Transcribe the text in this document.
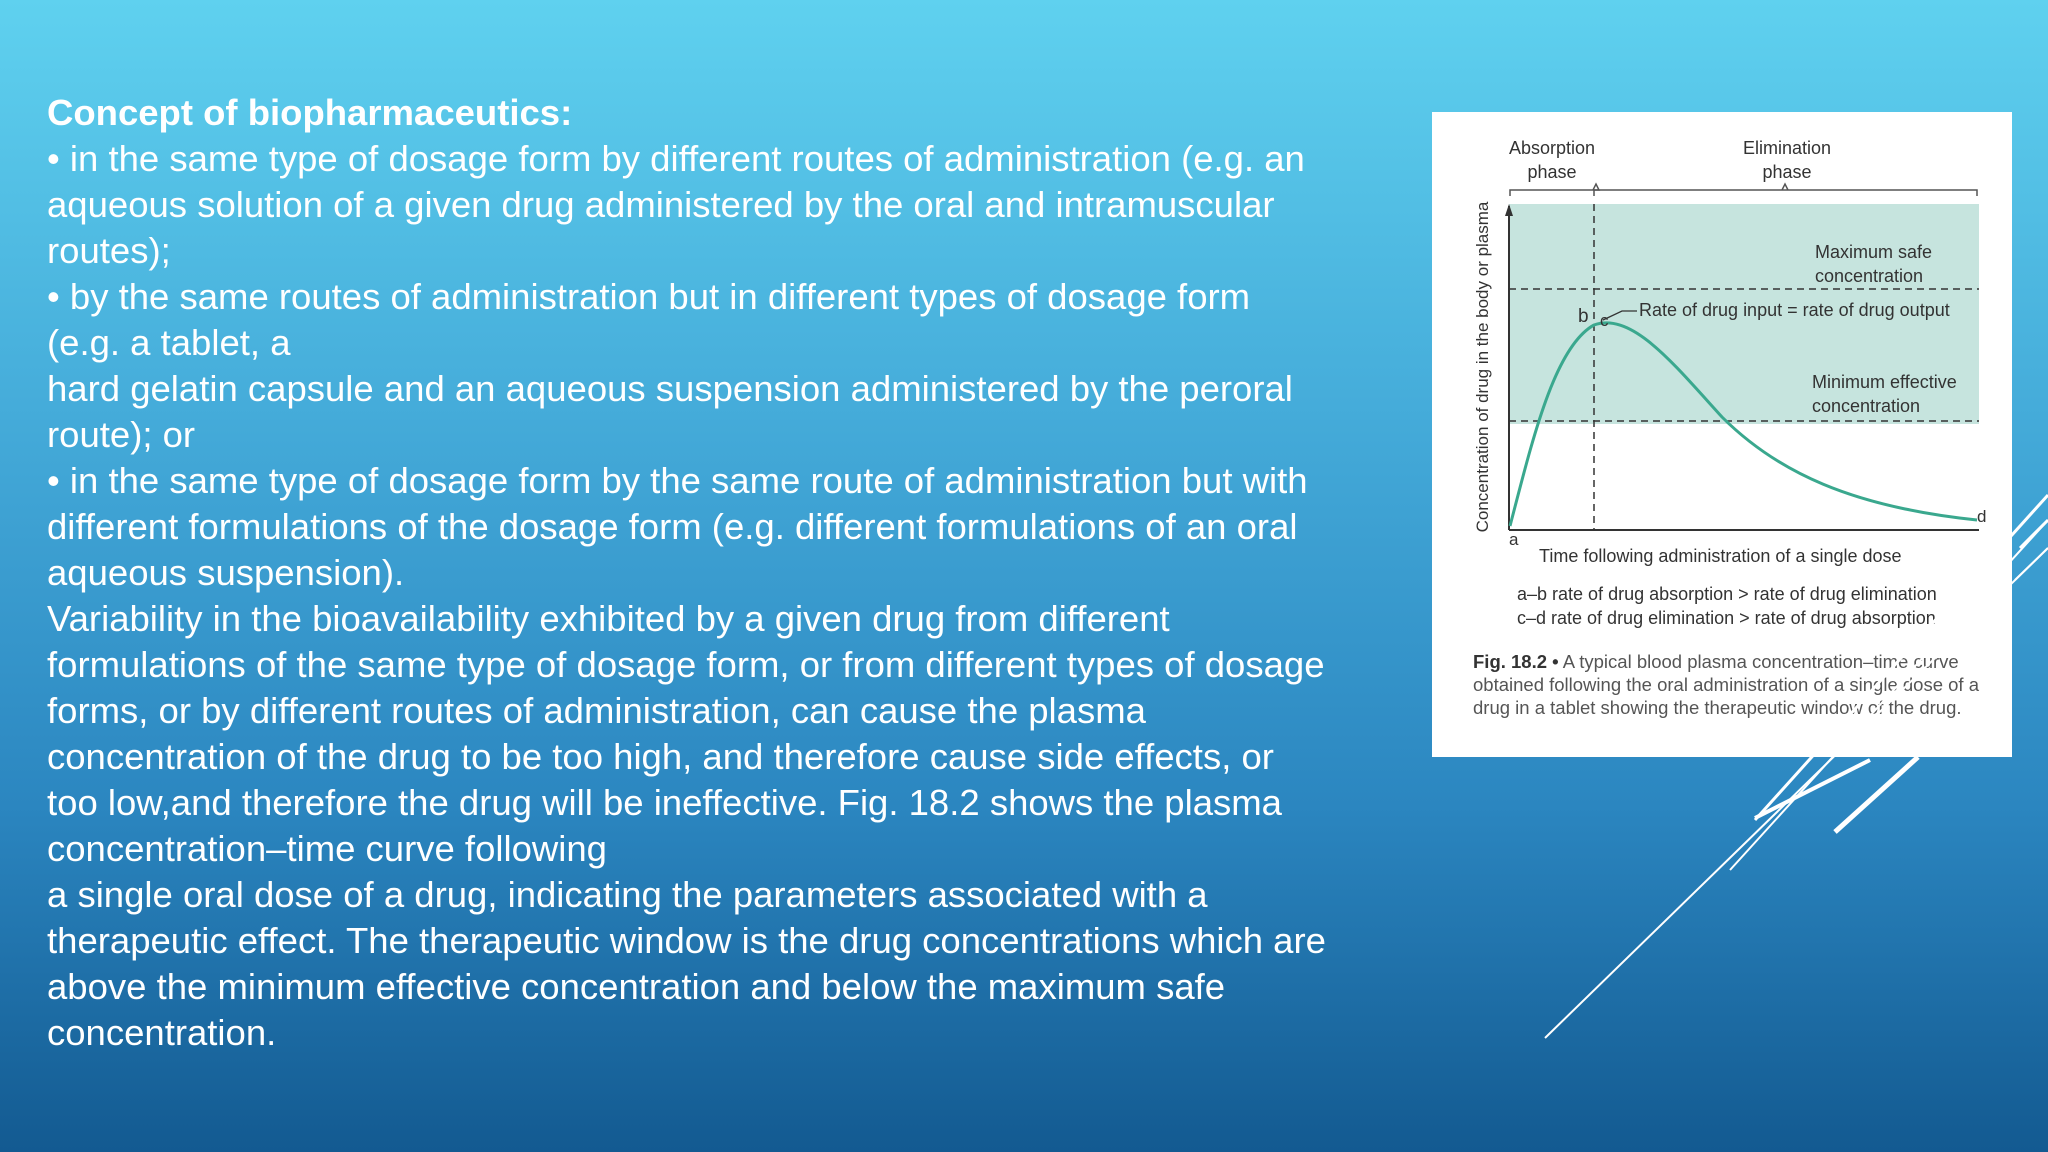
Concept of biopharmaceutics:

• in the same type of dosage form by different routes of administration (e.g. an

aqueous solution of a given drug administered by the oral and intramuscular

routes);

• by the same routes of administration but in different types of dosage form

(e.g. a tablet, a

hard gelatin capsule and an aqueous suspension administered by the peroral

route); or

• in the same type of dosage form by the same route of administration but with

different formulations of the dosage form (e.g. different formulations of an oral

aqueous suspension).

Variability in the bioavailability exhibited by a given drug from different

formulations of the same type of dosage form, or from different types of dosage

forms, or by different routes of administration, can cause the plasma

concentration of the drug to be too high, and therefore cause side effects, or

too low,and therefore the drug will be ineffective. Fig. 18.2 shows the plasma

concentration–time curve following

a single oral dose of a drug, indicating the parameters associated with a

therapeutic effect. The therapeutic window is the drug concentrations which are

above the minimum effective concentration and below the maximum safe

concentration.

Absorption
phase
Elimination
phase
Maximum safe
concentration
Minimum effective
concentration
Rate of drug input = rate of drug output
b c
a
d
Concentration of drug in the body or plasma
Time following administration of a single dose
a–b rate of drug absorption > rate of drug elimination
c–d rate of drug elimination > rate of drug absorption
Fig. 18.2 • A typical blood plasma concentration–time curve obtained following the oral administration of a single dose of a drug in a tablet showing the therapeutic window of the drug.
